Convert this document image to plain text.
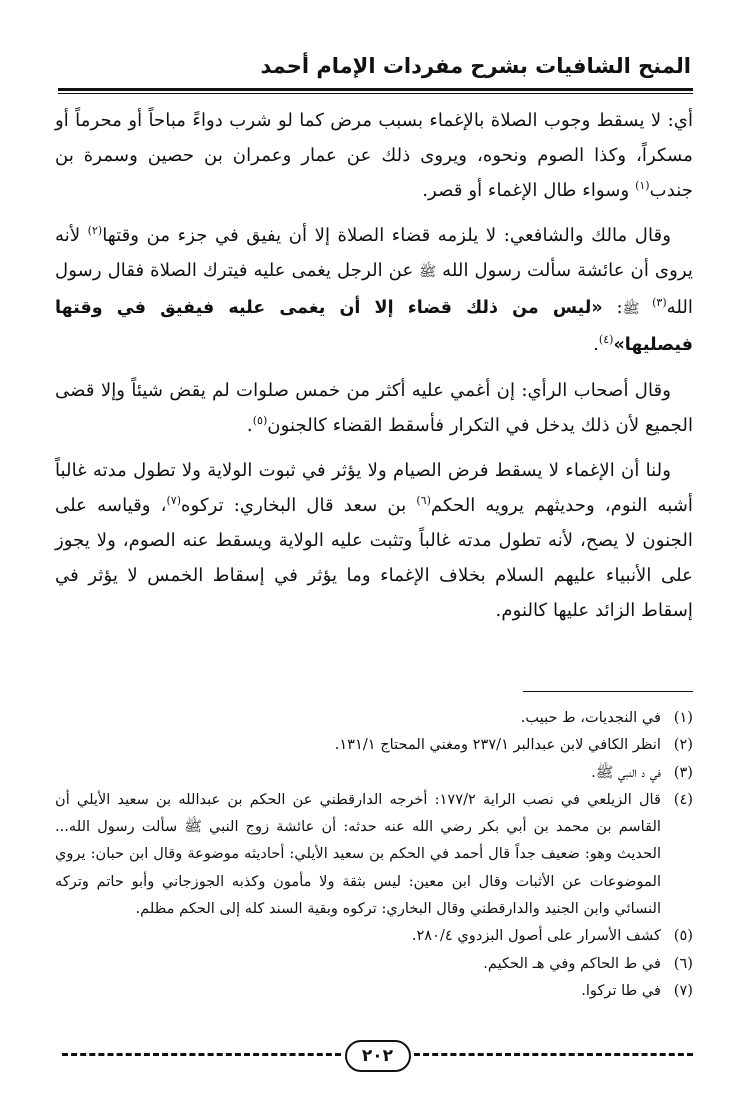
المنح الشافيات بشرح مفردات الإمام أحمد

أي: لا يسقط وجوب الصلاة بالإغماء بسبب مرض كما لو شرب دواءً مباحاً أو محرماً أو مسكراً، وكذا الصوم ونحوه، ويروى ذلك عن عمار وعمران بن حصين وسمرة بن جندب$^{(١)}$ وسواء طال الإغماء أو قصر.

وقال مالك والشافعي: لا يلزمه قضاء الصلاة إلا أن يفيق في جزء من وقتها$^{(٢)}$ لأنه يروى أن عائشة سألت رسول الله ﷺ عن الرجل يغمى عليه فيترك الصلاة فقال رسول الله$^{(٣)}$ ﷺ: «ليس من ذلك قضاء إلا أن يغمى عليه فيفيق في وقتها فيصليها»$^{(٤)}$.

وقال أصحاب الرأي: إن أغمي عليه أكثر من خمس صلوات لم يقض شيئاً وإلا قضى الجميع لأن ذلك يدخل في التكرار فأسقط القضاء كالجنون$^{(٥)}$.

ولنا أن الإغماء لا يسقط فرض الصيام ولا يؤثر في ثبوت الولاية ولا تطول مدته غالباً أشبه النوم، وحديثهم يرويه الحكم$^{(٦)}$ بن سعد قال البخاري: تركوه$^{(٧)}$، وقياسه على الجنون لا يصح، لأنه تطول مدته غالباً وتثبت عليه الولاية ويسقط عنه الصوم، ولا يجوز على الأنبياء عليهم السلام بخلاف الإغماء وما يؤثر في إسقاط الخمس لا يؤثر في إسقاط الزائد عليها كالنوم.

(١)
في النجديات، ط حبيب.
(٢)
انظر الكافي لابن عبدالبر ٢٣٧/١ ومغني المحتاج ١٣١/١.
(٣)
في د النبي ﷺ.
(٤)
قال الزيلعي في نصب الراية ١٧٧/٢: أخرجه الدارقطني عن الحكم بن عبدالله بن سعيد الأيلي أن القاسم بن محمد بن أبي بكر رضي الله عنه حدثه: أن عائشة زوج النبي ﷺ سألت رسول الله... الحديث وهو: ضعيف جداً قال أحمد في الحكم بن سعيد الأيلي: أحاديثه موضوعة وقال ابن حبان: يروي الموضوعات عن الأثبات وقال ابن معين: ليس بثقة ولا مأمون وكذبه الجوزجاني وأبو حاتم وتركه النسائي وابن الجنيد والدارقطني وقال البخاري: تركوه وبقية السند كله إلى الحكم مظلم.
(٥)
كشف الأسرار على أصول البزدوي ٢٨٠/٤.
(٦)
في ط الحاكم وفي هـ الحكيم.
(٧)
في طا تركوا.
٢٠٢
